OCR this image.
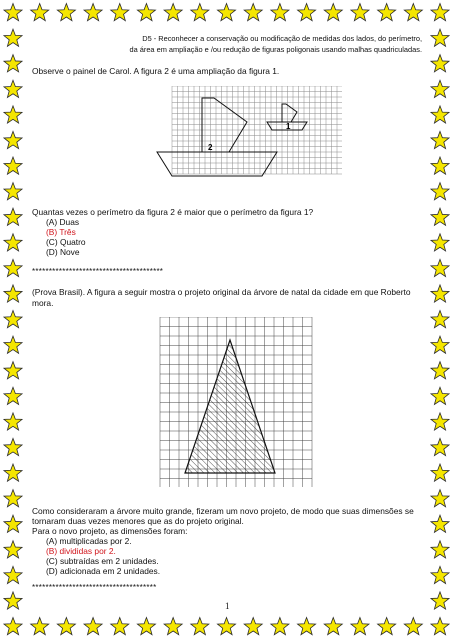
D5 - Reconhecer a conservação ou modificação de medidas dos lados, do perímetro,
da área em ampliação e /ou redução de figuras poligonais usando malhas quadriculadas.
Observe o painel de Carol. A figura 2 é uma ampliação da figura 1.
2
1
Quantas vezes o perímetro da figura 2 é maior que o perímetro da figura 1?
(A) Duas
(B) Três
(C) Quatro
(D) Nove
***************************************
(Prova Brasil). A figura a seguir mostra o projeto original da árvore de natal da cidade em que Roberto
mora.
Como consideraram a árvore muito grande, fizeram um novo projeto, de modo que suas dimensões se
tornaram duas vezes menores que as do projeto original.
Para o novo projeto, as dimensões foram:
(A) multiplicadas por 2.
(B) divididas por 2.
(C) subtraídas em 2 unidades.
(D) adicionada em 2 unidades.
*************************************
1
